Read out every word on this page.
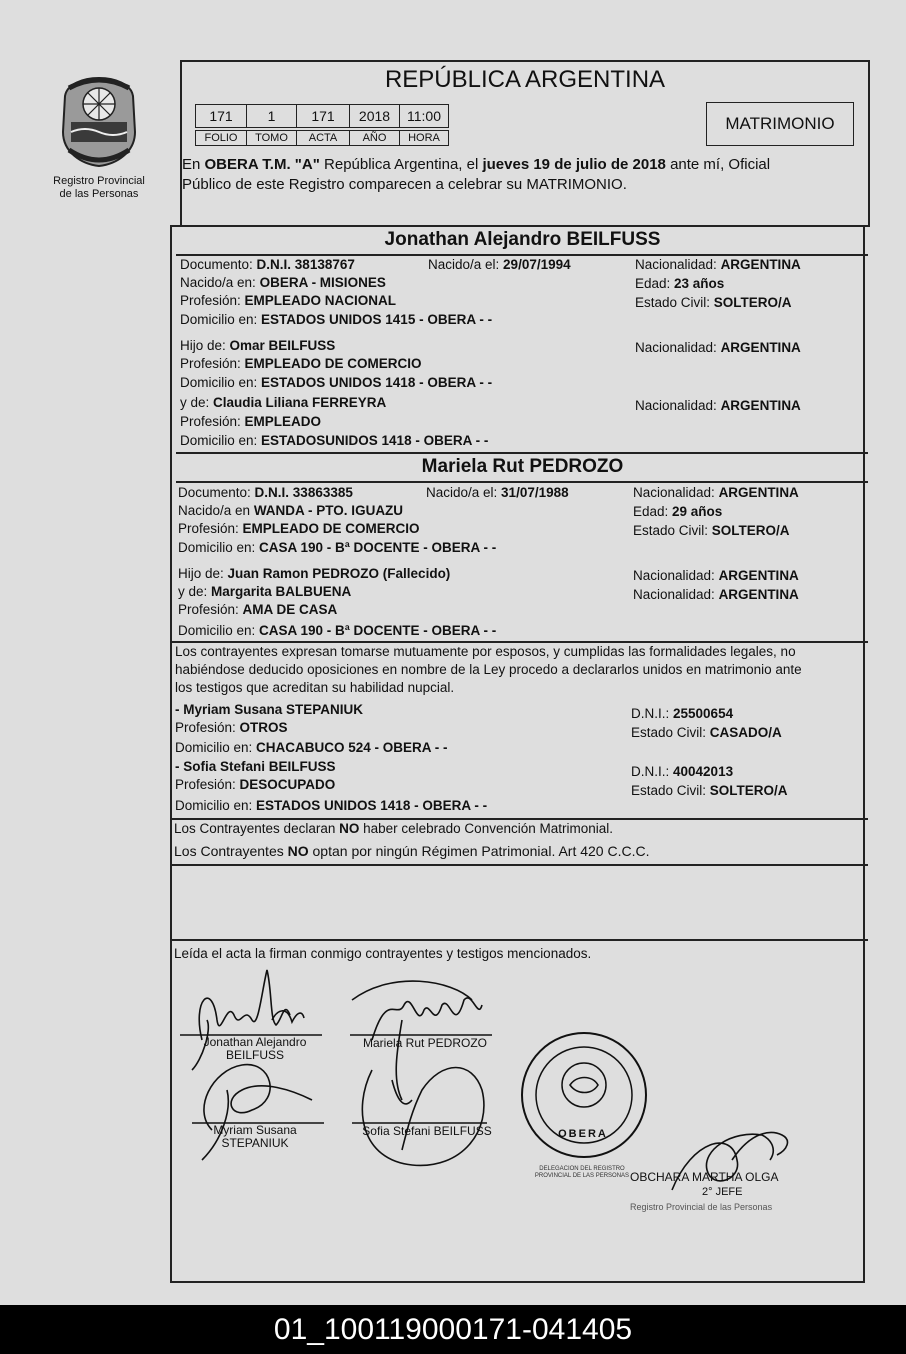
Registro Provincial
de las Personas
REPÚBLICA ARGENTINA
171	1	171	2018	11:00
FOLIO	TOMO	ACTA	AÑO	HORA
MATRIMONIO
En OBERA T.M. "A" República Argentina, el jueves 19 de julio de 2018 ante mí, Oficial
Público de este Registro comparecen a celebrar su MATRIMONIO.
Jonathan Alejandro BEILFUSS
Documento: D.N.I. 38138767	Nacido/a el: 29/07/1994	Nacionalidad: ARGENTINA
Nacido/a en: OBERA - MISIONES	Edad: 23 años
Profesión: EMPLEADO NACIONAL	Estado Civil: SOLTERO/A
Domicilio en: ESTADOS UNIDOS 1415 - OBERA - -
Hijo de: Omar BEILFUSS	Nacionalidad: ARGENTINA
Profesión: EMPLEADO DE COMERCIO
Domicilio en: ESTADOS UNIDOS 1418 - OBERA - -
y de: Claudia Liliana FERREYRA	Nacionalidad: ARGENTINA
Profesión: EMPLEADO
Domicilio en: ESTADOSUNIDOS 1418 - OBERA - -
Mariela Rut PEDROZO
Documento: D.N.I. 33863385	Nacido/a el: 31/07/1988	Nacionalidad: ARGENTINA
Nacido/a en WANDA - PTO. IGUAZU	Edad: 29 años
Profesión: EMPLEADO DE COMERCIO	Estado Civil: SOLTERO/A
Domicilio en: CASA 190 - Bª DOCENTE - OBERA - -
Hijo de: Juan Ramon PEDROZO (Fallecido)	Nacionalidad: ARGENTINA
y de: Margarita BALBUENA	Nacionalidad: ARGENTINA
Profesión: AMA DE CASA
Domicilio en: CASA 190 - Bª DOCENTE - OBERA - -
Los contrayentes expresan tomarse mutuamente por esposos, y cumplidas las formalidades legales, no
habiéndose deducido oposiciones en nombre de la Ley procedo a declararlos unidos en matrimonio ante
los testigos que acreditan su habilidad nupcial.
- Myriam Susana STEPANIUK
Profesión: OTROS
Domicilio en: CHACABUCO 524 - OBERA - -
D.N.I.: 25500654
Estado Civil: CASADO/A
- Sofia Stefani BEILFUSS
Profesión: DESOCUPADO
Domicilio en: ESTADOS UNIDOS 1418 - OBERA - -
D.N.I.: 40042013
Estado Civil: SOLTERO/A
Los Contrayentes declaran NO haber celebrado Convención Matrimonial.
Los Contrayentes NO optan por ningún Régimen Patrimonial. Art 420 C.C.C.
Leída el acta la firman conmigo contrayentes y testigos mencionados.
Jonathan Alejandro
BEILFUSS
Mariela Rut PEDROZO
Myriam Susana
STEPANIUK
Sofia Stefani BEILFUSS	OBERA
DELEGACION DEL REGISTRO PROVINCIAL DE LAS PERSONAS OBCHARA MARTHA OLGA
2° JEFE
Registro Provincial de las Personas
01_100119000171-041405
